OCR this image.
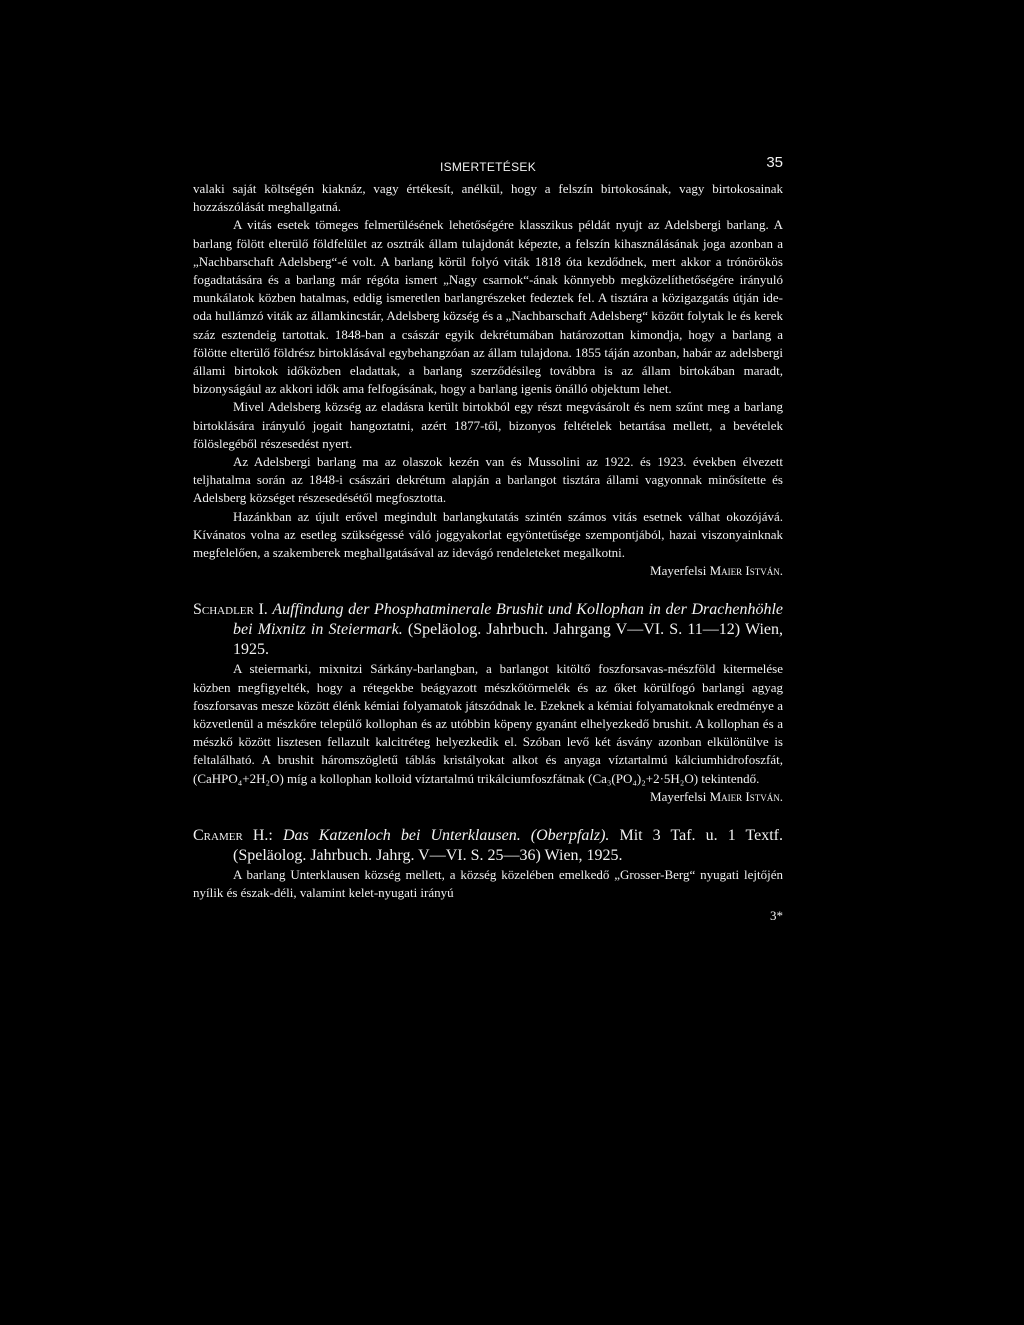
ISMERTETÉSEK	35

valaki saját költségén kiaknáz, vagy értékesít, anélkül, hogy a felszín birtokosának, vagy birtokosainak hozzászólását meghallgatná.

A vitás esetek tömeges felmerülésének lehetőségére klasszikus példát nyujt az Adelsbergi barlang. A barlang fölött elterülő földfelület az osztrák állam tulajdonát képezte, a felszín kihasználásának joga azonban a „Nachbarschaft Adelsberg“-é volt. A barlang körül folyó viták 1818 óta kezdődnek, mert akkor a trónörökös fogadtatására és a barlang már régóta ismert „Nagy csarnok“-ának könnyebb megközelíthetőségére irányuló munkálatok közben hatalmas, eddig ismeretlen barlangrészeket fedeztek fel. A tisztára a közigazgatás útján ide-oda hullámzó viták az államkincstár, Adelsberg község és a „Nachbarschaft Adelsberg“ között folytak le és kerek száz esztendeig tartottak. 1848-ban a császár egyik dekrétumában határozottan kimondja, hogy a barlang a fölötte elterülő földrész birtoklásával egybehangzóan az állam tulajdona. 1855 táján azonban, habár az adelsbergi állami birtokok időközben eladattak, a barlang szerződésileg továbbra is az állam birtokában maradt, bizonyságául az akkori idők ama felfogásának, hogy a barlang igenis önálló objektum lehet.

Mivel Adelsberg község az eladásra került birtokból egy részt megvásárolt és nem szűnt meg a barlang birtoklására irányuló jogait hangoztatni, azért 1877-től, bizonyos feltételek betartása mellett, a bevételek fölöslegéből részesedést nyert.

Az Adelsbergi barlang ma az olaszok kezén van és Mussolini az 1922. és 1923. években élvezett teljhatalma során az 1848-i császári dekrétum alapján a barlangot tisztára állami vagyonnak minősítette és Adelsberg községet részesedésétől megfosztotta.

Hazánkban az újult erővel megindult barlangkutatás szintén számos vitás esetnek válhat okozójává. Kívánatos volna az esetleg szükségessé váló joggyakorlat egyöntetűsége szempontjából, hazai viszonyainknak megfelelően, a szakemberek meghallgatásával az idevágó rendeleteket megalkotni.

Mayerfelsi Maier István.

Schadler I. Auffindung der Phosphatminerale Brushit und Kollophan in der Drachenhöhle bei Mixnitz in Steiermark. (Speläolog. Jahrbuch. Jahrgang V—VI. S. 11—12) Wien, 1925.

A steiermarki, mixnitzi Sárkány-barlangban, a barlangot kitöltő foszforsavas-mészföld kitermelése közben megfigyelték, hogy a rétegekbe beágyazott mészkőtörmelék és az őket körülfogó barlangi agyag foszforsavas mesze között élénk kémiai folyamatok játszódnak le. Ezeknek a kémiai folyamatoknak eredménye a közvetlenül a mészkőre települő kollophan és az utóbbin köpeny gyanánt elhelyezkedő brushit. A kollophan és a mészkő között lisztesen fellazult kalcitréteg helyezkedik el. Szóban levő két ásvány azonban elkülönülve is feltalálható. A brushit háromszögletű táblás kristályokat alkot és anyaga víztartalmú kálciumhidrofoszfát, (CaHPO₄+2H₂O) míg a kollophan kolloid víztartalmú trikálciumfoszfátnak (Ca₃(PO₄)₂+2·5H₂O) tekintendő.

Mayerfelsi Maier István.

Cramer H.: Das Katzenloch bei Unterklausen. (Oberpfalz). Mit 3 Taf. u. 1 Textf. (Speläolog. Jahrbuch. Jahrg. V—VI. S. 25—36) Wien, 1925.

A barlang Unterklausen község mellett, a község közelében emelkedő „Grosser-Berg“ nyugati lejtőjén nyílik és észak-déli, valamint kelet-nyugati irányú

3*
